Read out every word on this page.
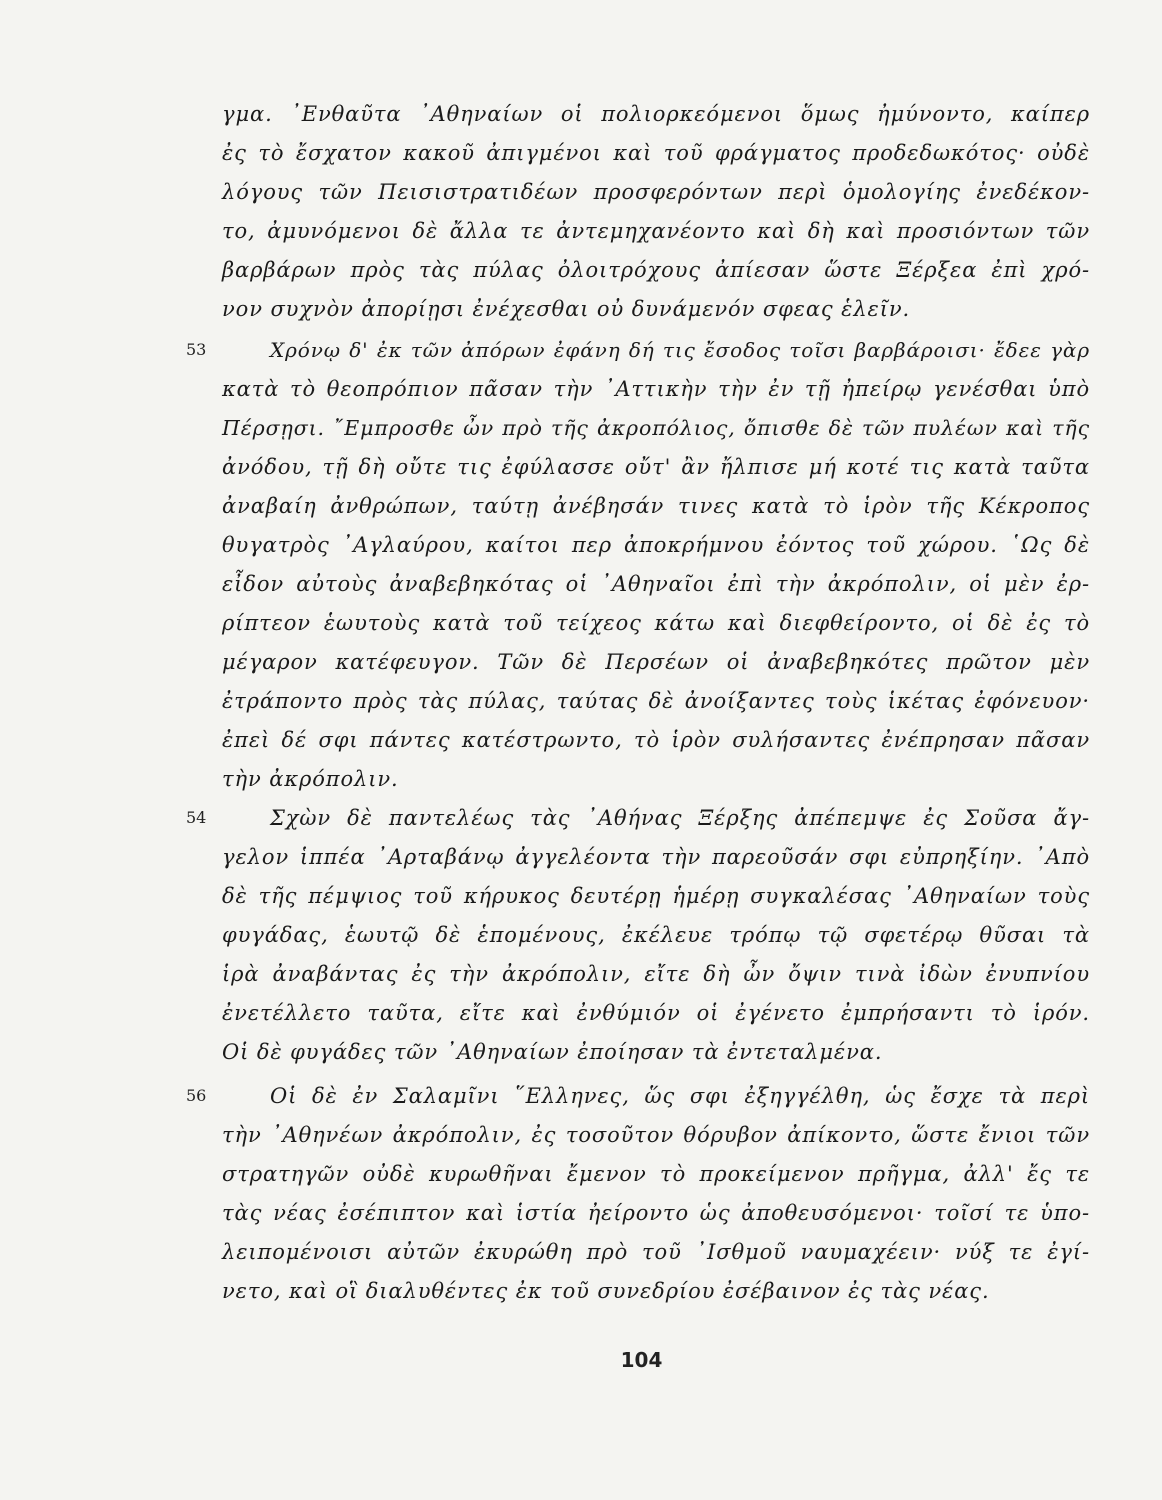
γμα. ᾿Ενθαῦτα ᾿Αθηναίων οἱ πολιορκεόμενοι ὅμως ἠμύνοντο, καίπερ
ἐς τὸ ἔσχατον κακοῦ ἀπιγμένοι καὶ τοῦ φράγματος προδεδωκότος· οὐδὲ
λόγους τῶν Πεισιστρατιδέων προσφερόντων περὶ ὁμολογίης ἐνεδέκον-
το, ἀμυνόμενοι δὲ ἄλλα τε ἀντεμηχανέοντο καὶ δὴ καὶ προσιόντων τῶν
βαρβάρων πρὸς τὰς πύλας ὀλοιτρόχους ἀπίεσαν ὥστε Ξέρξεα ἐπὶ χρό-
νον συχνὸν ἀπορίῃσι ἐνέχεσθαι οὐ δυνάμενόν σφεας ἑλεῖν.
53	Χρόνῳ δ' ἐκ τῶν ἀπόρων ἐφάνη δή τις ἔσοδος τοῖσι βαρβάροισι· ἔδεε γὰρ
κατὰ τὸ θεοπρόπιον πᾶσαν τὴν ᾿Αττικὴν τὴν ἐν τῇ ἠπείρῳ γενέσθαι ὑπὸ
Πέρσῃσι. ῎Εμπροσθε ὦν πρὸ τῆς ἀκροπόλιος, ὄπισθε δὲ τῶν πυλέων καὶ τῆς
ἀνόδου, τῇ δὴ οὔτε τις ἐφύλασσε οὔτ' ἂν ἤλπισε μή κοτέ τις κατὰ ταῦτα
ἀναβαίη ἀνθρώπων, ταύτῃ ἀνέβησάν τινες κατὰ τὸ ἱρὸν τῆς Κέκροπος
θυγατρὸς ᾿Αγλαύρου, καίτοι περ ἀποκρήμνου ἐόντος τοῦ χώρου. ῾Ως δὲ
εἶδον αὐτοὺς ἀναβεβηκότας οἱ ᾿Αθηναῖοι ἐπὶ τὴν ἀκρόπολιν, οἱ μὲν ἐρ-
ρίπτεον ἑωυτοὺς κατὰ τοῦ τείχεος κάτω καὶ διεφθείροντο, οἱ δὲ ἐς τὸ
μέγαρον κατέφευγον. Τῶν δὲ Περσέων οἱ ἀναβεβηκότες πρῶτον μὲν
ἐτράποντο πρὸς τὰς πύλας, ταύτας δὲ ἀνοίξαντες τοὺς ἱκέτας ἐφόνευον·
ἐπεὶ δέ σφι πάντες κατέστρωντο, τὸ ἱρὸν συλήσαντες ἐνέπρησαν πᾶσαν
τὴν ἀκρόπολιν.
54	Σχὼν δὲ παντελέως τὰς ᾿Αθήνας Ξέρξης ἀπέπεμψε ἐς Σοῦσα ἄγ-
γελον ἱππέα ᾿Αρταβάνῳ ἀγγελέοντα τὴν παρεοῦσάν σφι εὐπρηξίην. ᾿Απὸ
δὲ τῆς πέμψιος τοῦ κήρυκος δευτέρῃ ἡμέρῃ συγκαλέσας ᾿Αθηναίων τοὺς
φυγάδας, ἑωυτῷ δὲ ἑπομένους, ἐκέλευε τρόπῳ τῷ σφετέρῳ θῦσαι τὰ
ἱρὰ ἀναβάντας ἐς τὴν ἀκρόπολιν, εἴτε δὴ ὦν ὄψιν τινὰ ἰδὼν ἐνυπνίου
ἐνετέλλετο ταῦτα, εἴτε καὶ ἐνθύμιόν οἱ ἐγένετο ἐμπρήσαντι τὸ ἱρόν.
Οἱ δὲ φυγάδες τῶν ᾿Αθηναίων ἐποίησαν τὰ ἐντεταλμένα.
56	Οἱ δὲ ἐν Σαλαμῖνι ῞Ελληνες, ὥς σφι ἐξηγγέλθη, ὡς ἔσχε τὰ περὶ
τὴν ᾿Αθηνέων ἀκρόπολιν, ἐς τοσοῦτον θόρυβον ἀπίκοντο, ὥστε ἔνιοι τῶν
στρατηγῶν οὐδὲ κυρωθῆναι ἔμενον τὸ προκείμενον πρῆγμα, ἀλλ' ἔς τε
τὰς νέας ἐσέπιπτον καὶ ἱστία ἠείροντο ὡς ἀποθευσόμενοι· τοῖσί τε ὑπο-
λειπομένοισι αὐτῶν ἐκυρώθη πρὸ τοῦ ᾿Ισθμοῦ ναυμαχέειν· νύξ τε ἐγί-
νετο, καὶ οἳ διαλυθέντες ἐκ τοῦ συνεδρίου ἐσέβαινον ἐς τὰς νέας.
104
